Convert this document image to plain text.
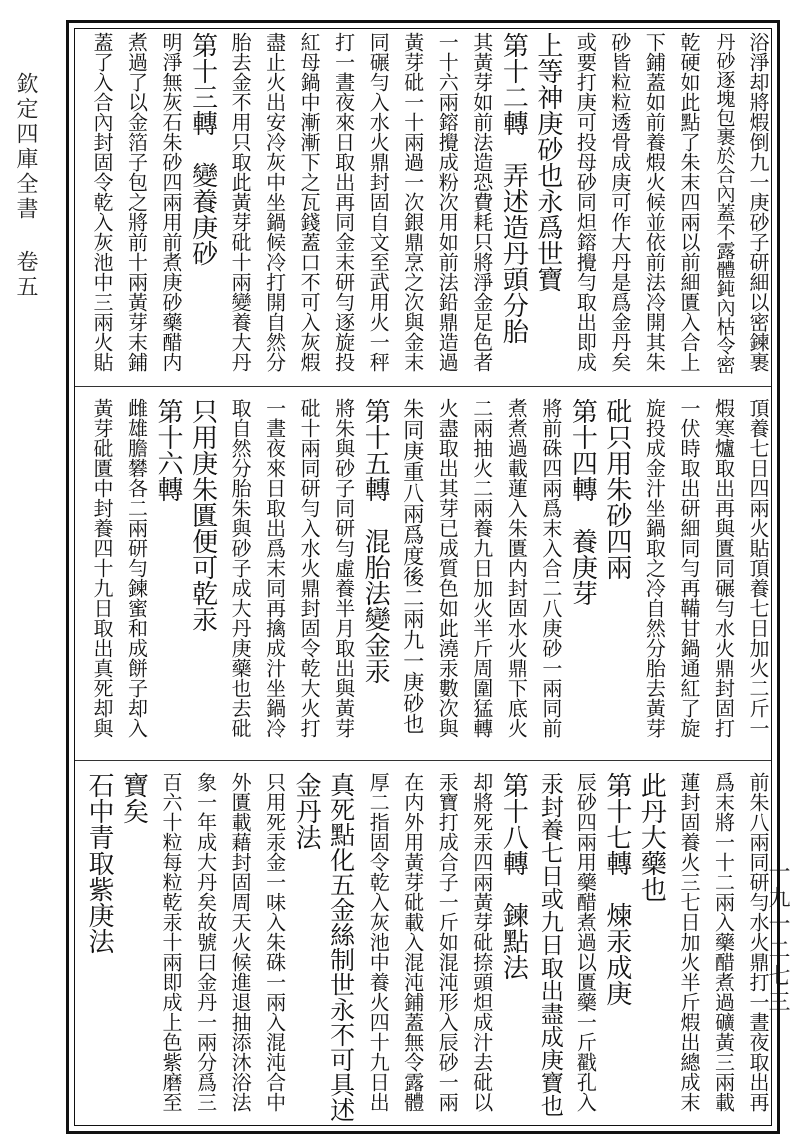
欽定四庫全書 卷五
一九一二七三
浴淨却將煆倒九一庚砂子研細以密鍊裹
丹砂逐塊包裹於合內蓋不露體鈍內枯令密
乾硬如此點了朱末四兩以前細匱入合上
下鋪蓋如前養煆火候並依前法冷開其朱
砂皆粒粒透骨成庚可作大丹是爲金丹矣
或要打庚可投母砂同炟鎔攪勻取出即成
上等神庚砂也永爲世寶
第十二轉　弄述造丹頭分胎
其黃芽如前法造恐費耗只將淨金足色者
一十六兩鎔攪成粉次用如前法鉛鼎造過
黃芽砒一十兩過一次銀鼎烹之次與金末
同碾勻入水火鼎封固自文至武用火一秤
打一晝夜來日取出再同金末研勻逐旋投
紅母鍋中漸漸下之瓦錢蓋口不可入灰煆
盡止火出安冷灰中坐鍋候冷打開自然分
胎去金不用只取此黃芽砒十兩變養大丹
第十三轉　變養庚砂
明淨無灰石朱砂四兩用前煮庚砂藥醋内
煮過了以金箔子包之將前十兩黃芽末鋪
蓋了入合內封固令乾入灰池中三兩火貼
頂養七日四兩火貼頂養七日加火二斤一
煆寒爐取出再與匱同碾勻水火鼎封固打
一伏時取出研細同勻再鞴甘鍋通紅了旋
旋投成金汁坐鍋取之冷自然分胎去黃芽
砒只用朱砂四兩
第十四轉　養庚芽
將前硃四兩爲末入合二八庚砂一兩同前
煮煮過載蓮入朱匱内封固水火鼎下底火
二兩抽火二兩養九日加火半斤周圍猛轉
火盡取出其芽已成質色如此澆汞數次與
朱同庚重八兩爲度後二兩九一庚砂也
第十五轉　混胎法變金汞
將朱與砂子同研勻虛養半月取出與黃芽
砒十兩同研勻入水火鼎封固令乾大火打
一晝夜來日取出爲末同再擒成汁坐鍋冷
取自然分胎朱與砂子成大丹庚藥也去砒
只用庚朱匱便可乾汞
第十六轉
雌雄膽礬各二兩研勻鍊蜜和成餅子却入
黃芽砒匱中封養四十九日取出真死却與
前朱八兩同研勻水火鼎打一晝夜取出再
爲末將一十二兩入藥醋煮過礦黃三兩載
蓮封固養火三七日加火半斤煆出總成末
此丹大藥也
第十七轉　煉汞成庚
辰砂四兩用藥醋煮過以匱藥一斤戳孔入
汞封養七日或九日取出盡成庚寶也
第十八轉　鍊點法
却將死汞四兩黃芽砒捺頭炟成汁去砒以
汞寶打成合子一斤如混沌形入辰砂一兩
在内外用黃芽砒載入混沌鋪蓋無令露體
厚二指固令乾入灰池中養火四十九日出
真死點化五金絲制世永不可具述
金丹法
只用死汞金一味入朱硃一兩入混沌合中
外匱載藉封固周天火候進退抽添沐浴法
象一年成大丹矣故號曰金丹一兩分爲三
百六十粒每粒乾汞十兩即成上色紫磨至
寶矣
石中青取紫庚法
